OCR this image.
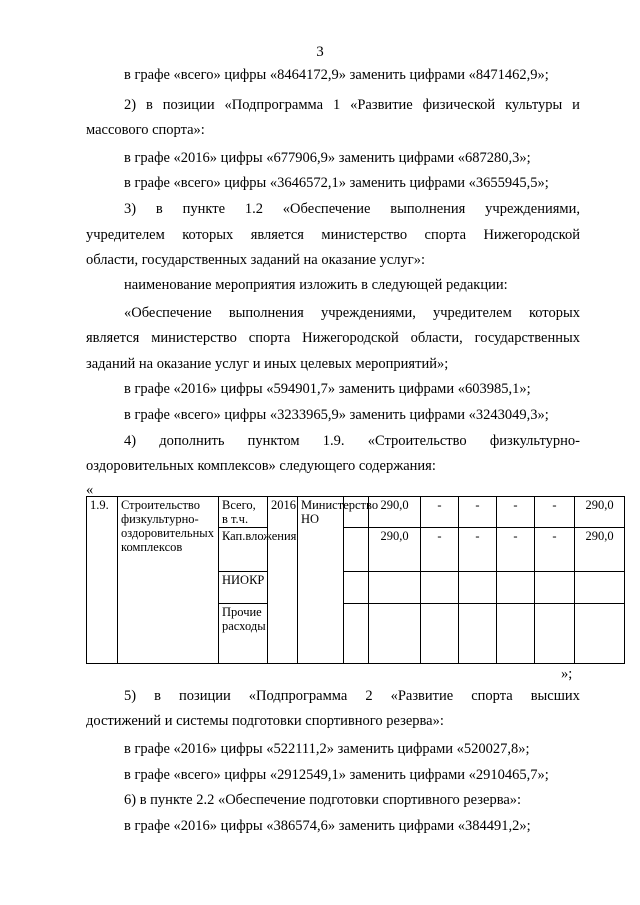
3
в графе «всего» цифры «8464172,9» заменить цифрами «8471462,9»;
2) в позиции «Подпрограмма 1 «Развитие физической культуры и
массового спорта»:
в графе «2016» цифры «677906,9» заменить цифрами «687280,3»;
в графе «всего» цифры «3646572,1» заменить цифрами «3655945,5»;
3) в пункте 1.2 «Обеспечение выполнения учреждениями,
учредителем которых является министерство спорта Нижегородской
области, государственных заданий на оказание услуг»:
наименование мероприятия изложить в следующей редакции:
«Обеспечение выполнения учреждениями, учредителем которых
является министерство спорта Нижегородской области, государственных
заданий на оказание услуг и иных целевых мероприятий»;
в графе «2016» цифры «594901,7» заменить цифрами «603985,1»;
в графе «всего» цифры «3233965,9» заменить цифрами «3243049,3»;
4) дополнить пунктом 1.9. «Строительство физкультурно-
оздоровительных комплексов» следующего содержания:
«
1.9.	Строительство физкультурно-оздоровительных комплексов	Всего, в т.ч.	2016	Министерство НО		290,0	-	-	-	-	290,0
		Кап.вложения				290,0	-	-	-	-	290,0
		НИОКР									
		Прочие расходы									
»;
5) в позиции «Подпрограмма 2 «Развитие спорта высших
достижений и системы подготовки спортивного резерва»:
в графе «2016» цифры «522111,2» заменить цифрами «520027,8»;
в графе «всего» цифры «2912549,1» заменить цифрами «2910465,7»;
6) в пункте 2.2 «Обеспечение подготовки спортивного резерва»:
в графе «2016» цифры «386574,6» заменить цифрами «384491,2»;
